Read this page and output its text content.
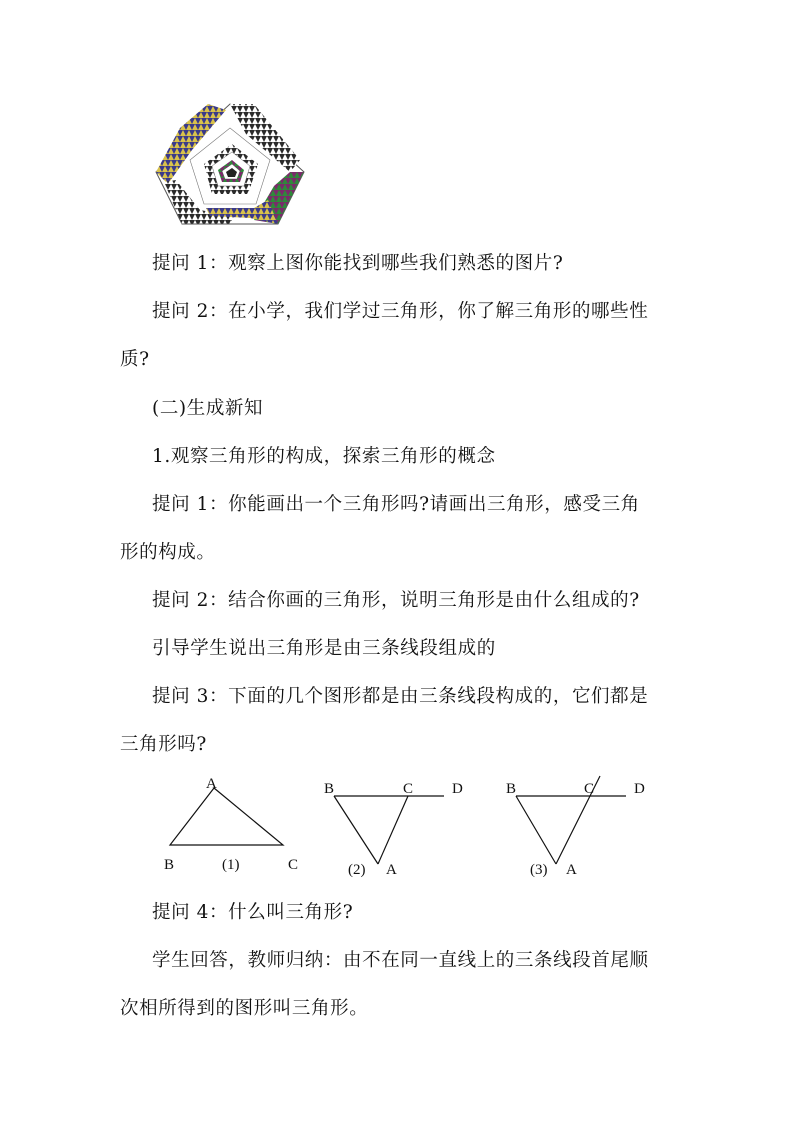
提问 1：观察上图你能找到哪些我们熟悉的图片?
提问 2：在小学，我们学过三角形，你了解三角形的哪些性
质?
(二)生成新知
1.观察三角形的构成，探索三角形的概念
提问 1：你能画出一个三角形吗?请画出三角形，感受三角
形的构成。
提问 2：结合你画的三角形，说明三角形是由什么组成的?
引导学生说出三角形是由三条线段组成的
提问 3：下面的几个图形都是由三条线段构成的，它们都是
三角形吗?
A
B	C
(1)
B	C	D
A
(2)
B	C	D
A
(3)
提问 4：什么叫三角形?
学生回答，教师归纳：由不在同一直线上的三条线段首尾顺
次相所得到的图形叫三角形。
